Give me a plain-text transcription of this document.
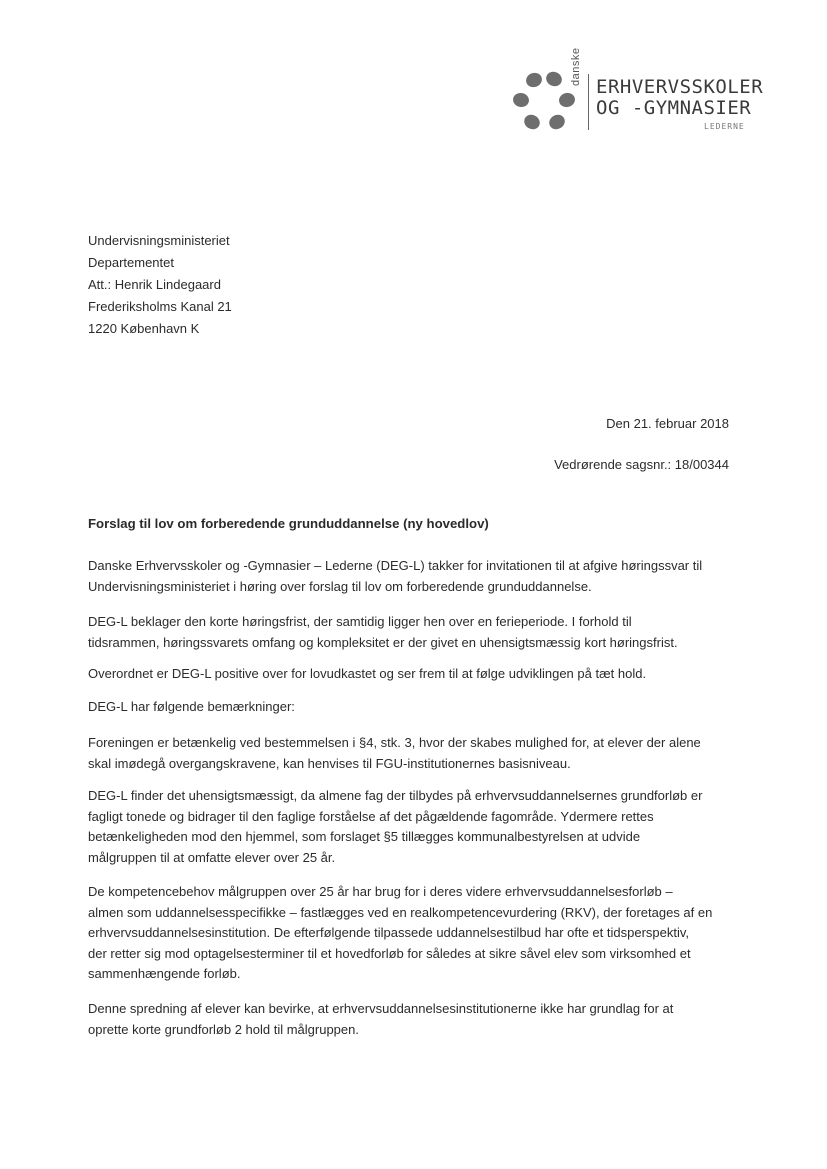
danske
ERHVERVSSKOLER
OG -GYMNASIER
LEDERNE
Undervisningsministeriet
Departementet
Att.: Henrik Lindegaard
Frederiksholms Kanal 21
1220 København K
Den 21. februar 2018
Vedrørende sagsnr.: 18/00344
Forslag til lov om forberedende grunduddannelse (ny hovedlov)
Danske Erhvervsskoler og -Gymnasier – Lederne (DEG-L) takker for invitationen til at afgive høringssvar til
Undervisningsministeriet i høring over forslag til lov om forberedende grunduddannelse.
DEG-L beklager den korte høringsfrist, der samtidig ligger hen over en ferieperiode. I forhold til
tidsrammen, høringssvarets omfang og kompleksitet er der givet en uhensigtsmæssig kort høringsfrist.
Overordnet er DEG-L positive over for lovudkastet og ser frem til at følge udviklingen på tæt hold.
DEG-L har følgende bemærkninger:
Foreningen er betænkelig ved bestemmelsen i §4, stk. 3, hvor der skabes mulighed for, at elever der alene
skal imødegå overgangskravene, kan henvises til FGU-institutionernes basisniveau.
DEG-L finder det uhensigtsmæssigt, da almene fag der tilbydes på erhvervsuddannelsernes grundforløb er
fagligt tonede og bidrager til den faglige forståelse af det pågældende fagområde. Ydermere rettes
betænkeligheden mod den hjemmel, som forslaget §5 tillægges kommunalbestyrelsen at udvide
målgruppen til at omfatte elever over 25 år.
De kompetencebehov målgruppen over 25 år har brug for i deres videre erhvervsuddannelsesforløb –
almen som uddannelsesspecifikke – fastlægges ved en realkompetencevurdering (RKV), der foretages af en
erhvervsuddannelsesinstitution. De efterfølgende tilpassede uddannelsestilbud har ofte et tidsperspektiv,
der retter sig mod optagelsesterminer til et hovedforløb for således at sikre såvel elev som virksomhed et
sammenhængende forløb.
Denne spredning af elever kan bevirke, at erhvervsuddannelsesinstitutionerne ikke har grundlag for at
oprette korte grundforløb 2 hold til målgruppen.
